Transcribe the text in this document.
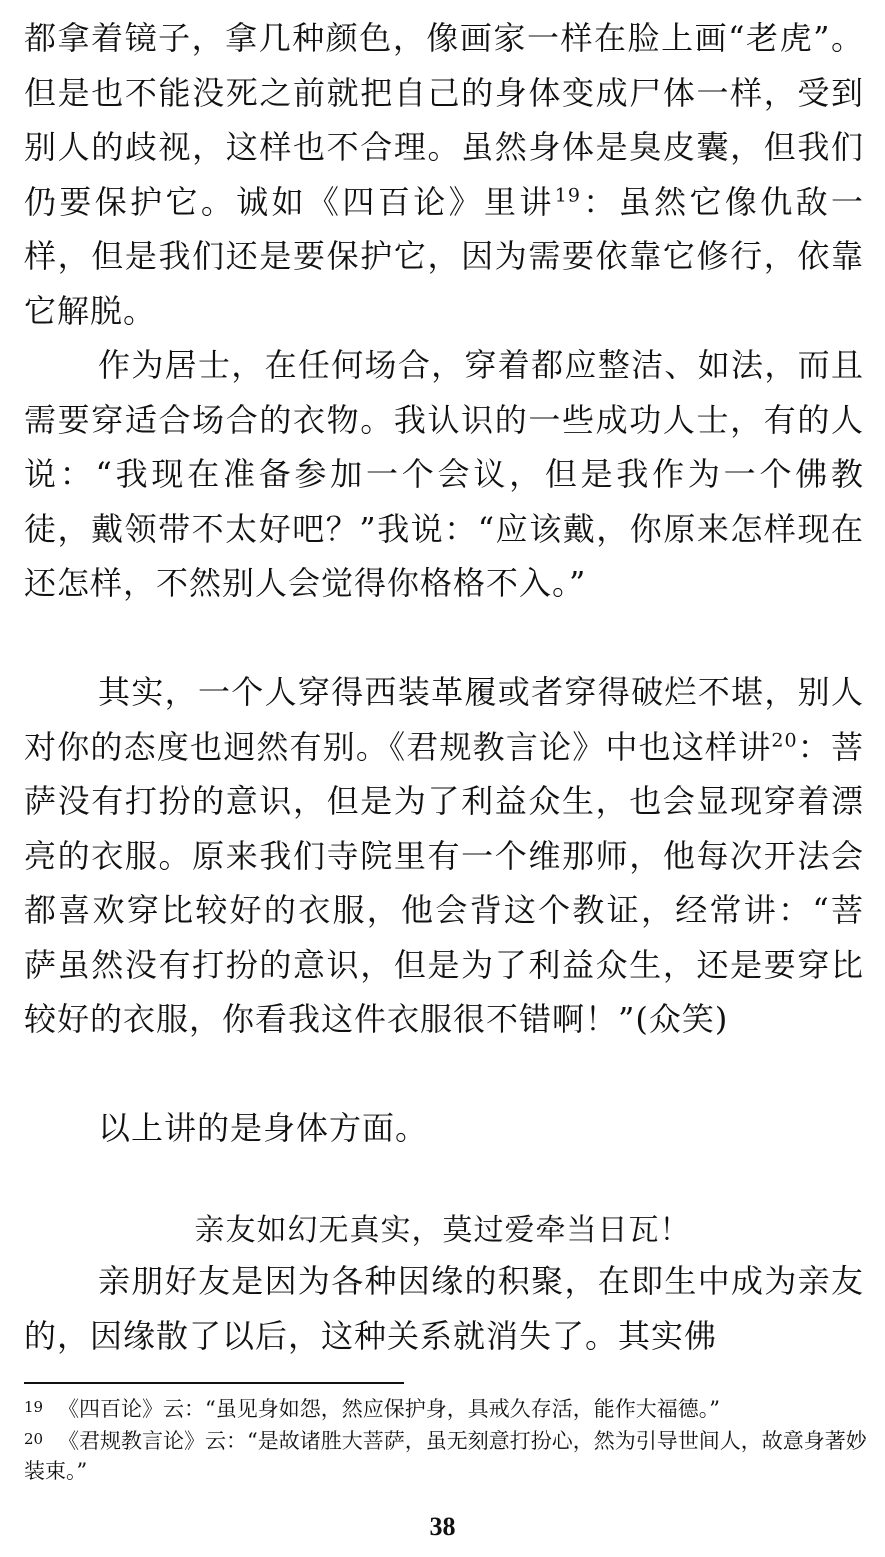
都拿着镜子，拿几种颜色，像画家一样在脸上画“老虎”。但是也不能没死之前就把自己的身体变成尸体一样，受到别人的歧视，这样也不合理。虽然身体是臭皮囊，但我们仍要保护它。诚如《四百论》里讲$^{19}$：虽然它像仇敌一样，但是我们还是要保护它，因为需要依靠它修行，依靠它解脱。

作为居士，在任何场合，穿着都应整洁、如法，而且需要穿适合场合的衣物。我认识的一些成功人士，有的人说：“我现在准备参加一个会议，但是我作为一个佛教徒，戴领带不太好吧？”我说：“应该戴，你原来怎样现在还怎样，不然别人会觉得你格格不入。”

其实，一个人穿得西装革履或者穿得破烂不堪，别人对你的态度也迥然有别。《君规教言论》中也这样讲$^{20}$：菩萨没有打扮的意识，但是为了利益众生，也会显现穿着漂亮的衣服。原来我们寺院里有一个维那师，他每次开法会都喜欢穿比较好的衣服，他会背这个教证，经常讲：“菩萨虽然没有打扮的意识，但是为了利益众生，还是要穿比较好的衣服，你看我这件衣服很不错啊！”(众笑)

以上讲的是身体方面。

亲友如幻无真实，莫过爱牵当日瓦！

亲朋好友是因为各种因缘的积聚，在即生中成为亲友的，因缘散了以后，这种关系就消失了。其实佛

19 《四百论》云：“虽见身如怨，然应保护身，具戒久存活，能作大福德。”

20 《君规教言论》云：“是故诸胜大菩萨，虽无刻意打扮心，然为引导世间人，故意身著妙装束。”

38
